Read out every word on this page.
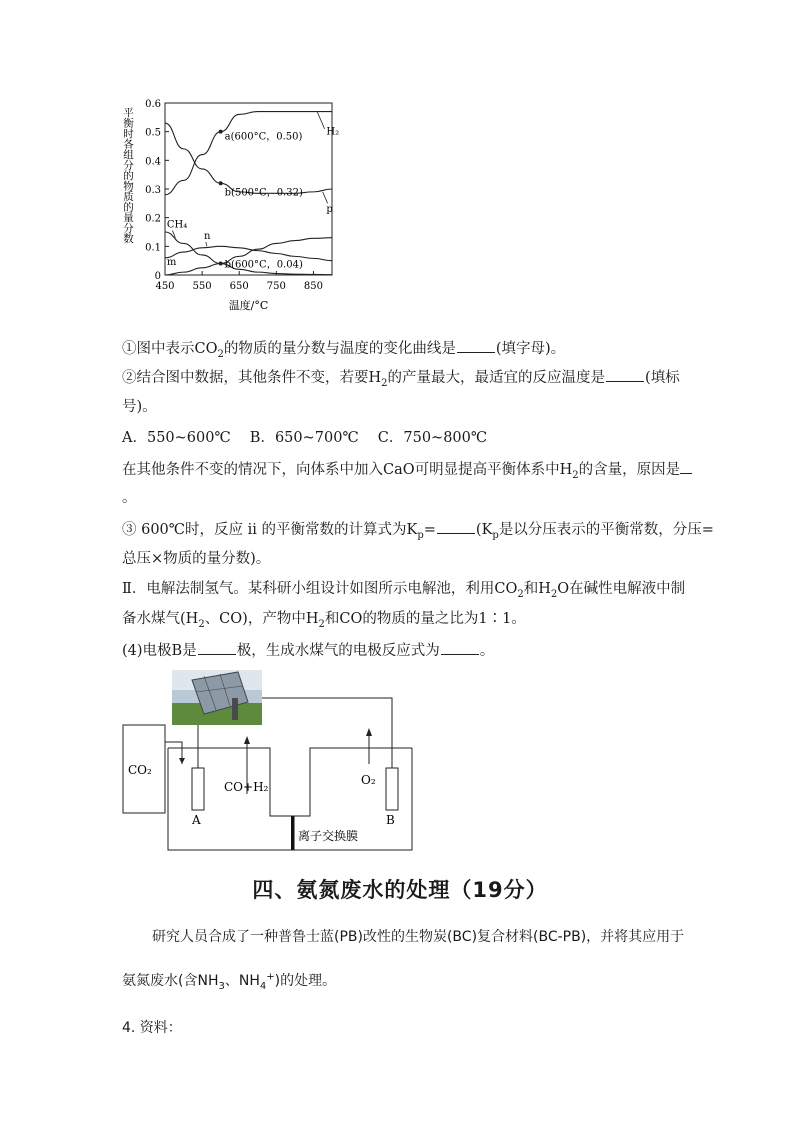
0
0.1
0.2
0.3
0.4
0.5
0.6
450 550 650 750 850
温度/°C
平衡时各组分的物质的量分数	H₂
p
CH₄
n
m
a(600°C，0.50)
b(500°C，0.32)
b(600°C，0.04)
①图中表示$CO_2$的物质的量分数与温度的变化曲线是	(填字母)。
②结合图中数据，其他条件不变，若要$H_2$的产量最大，最适宜的反应温度是	(填标
号)。
A．550~600℃　 B．650~700℃　 C．750~800℃
在其他条件不变的情况下，向体系中加入CaO可明显提高平衡体系中$H_2$的含量，原因是
。
③ 600℃时，反应 ii 的平衡常数的计算式为$K_p=$	($K_p$是以分压表示的平衡常数，分压=
总压×物质的量分数)。
Ⅱ．电解法制氢气。某科研小组设计如图所示电解池，利用$CO_2$和$H_2O$在碱性电解液中制
备水煤气($H_2$、CO)，产物中$H_2$和CO的物质的量之比为1∶1。
(4)电极B是	极，生成水煤气的电极反应式为	。
CO₂
离子交换膜
A	B
CO+H₂	O₂
四、氨氮废水的处理（19分）
研究人员合成了一种普鲁士蓝(PB)改性的生物炭(BC)复合材料(BC-PB)，并将其应用于
氨氮废水(含$NH_3$、$NH_4^+$)的处理。
4. 资料：
